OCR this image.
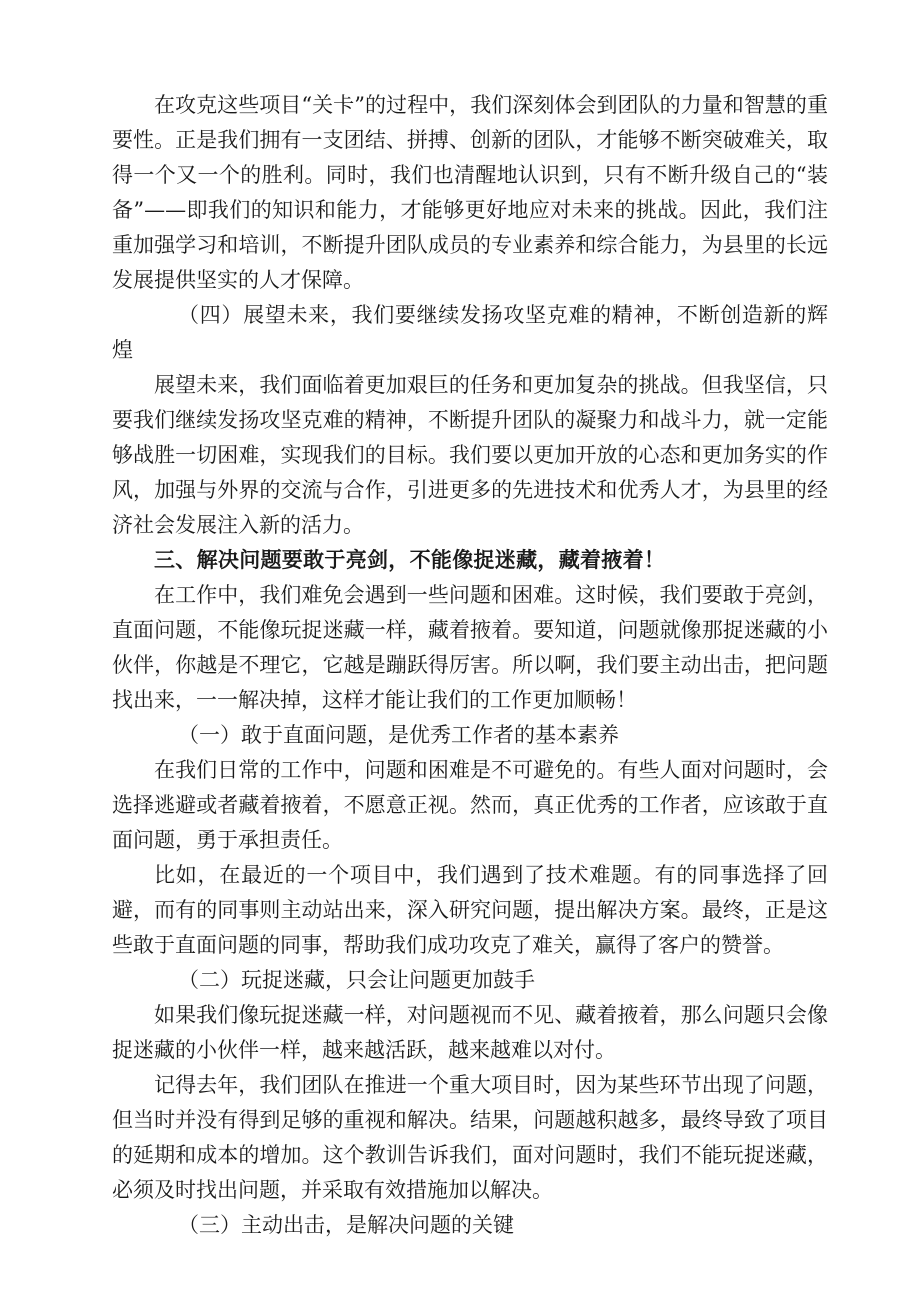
在攻克这些项目“关卡”的过程中，我们深刻体会到团队的力量和智慧的重要性。正是我们拥有一支团结、拼搏、创新的团队，才能够不断突破难关，取得一个又一个的胜利。同时，我们也清醒地认识到，只有不断升级自己的“装备”——即我们的知识和能力，才能够更好地应对未来的挑战。因此，我们注重加强学习和培训，不断提升团队成员的专业素养和综合能力，为县里的长远发展提供坚实的人才保障。

（四）展望未来，我们要继续发扬攻坚克难的精神，不断创造新的辉煌

展望未来，我们面临着更加艰巨的任务和更加复杂的挑战。但我坚信，只要我们继续发扬攻坚克难的精神，不断提升团队的凝聚力和战斗力，就一定能够战胜一切困难，实现我们的目标。我们要以更加开放的心态和更加务实的作风，加强与外界的交流与合作，引进更多的先进技术和优秀人才，为县里的经济社会发展注入新的活力。

三、解决问题要敢于亮剑，不能像捉迷藏，藏着掖着！

在工作中，我们难免会遇到一些问题和困难。这时候，我们要敢于亮剑，直面问题，不能像玩捉迷藏一样，藏着掖着。要知道，问题就像那捉迷藏的小伙伴，你越是不理它，它越是蹦跃得厉害。所以啊，我们要主动出击，把问题找出来，一一解决掉，这样才能让我们的工作更加顺畅！

（一）敢于直面问题，是优秀工作者的基本素养

在我们日常的工作中，问题和困难是不可避免的。有些人面对问题时，会选择逃避或者藏着掖着，不愿意正视。然而，真正优秀的工作者，应该敢于直面问题，勇于承担责任。

比如，在最近的一个项目中，我们遇到了技术难题。有的同事选择了回避，而有的同事则主动站出来，深入研究问题，提出解决方案。最终，正是这些敢于直面问题的同事，帮助我们成功攻克了难关，赢得了客户的赞誉。

（二）玩捉迷藏，只会让问题更加鼓手

如果我们像玩捉迷藏一样，对问题视而不见、藏着掖着，那么问题只会像捉迷藏的小伙伴一样，越来越活跃，越来越难以对付。

记得去年，我们团队在推进一个重大项目时，因为某些环节出现了问题，但当时并没有得到足够的重视和解决。结果，问题越积越多，最终导致了项目的延期和成本的增加。这个教训告诉我们，面对问题时，我们不能玩捉迷藏，必须及时找出问题，并采取有效措施加以解决。

（三）主动出击，是解决问题的关键
